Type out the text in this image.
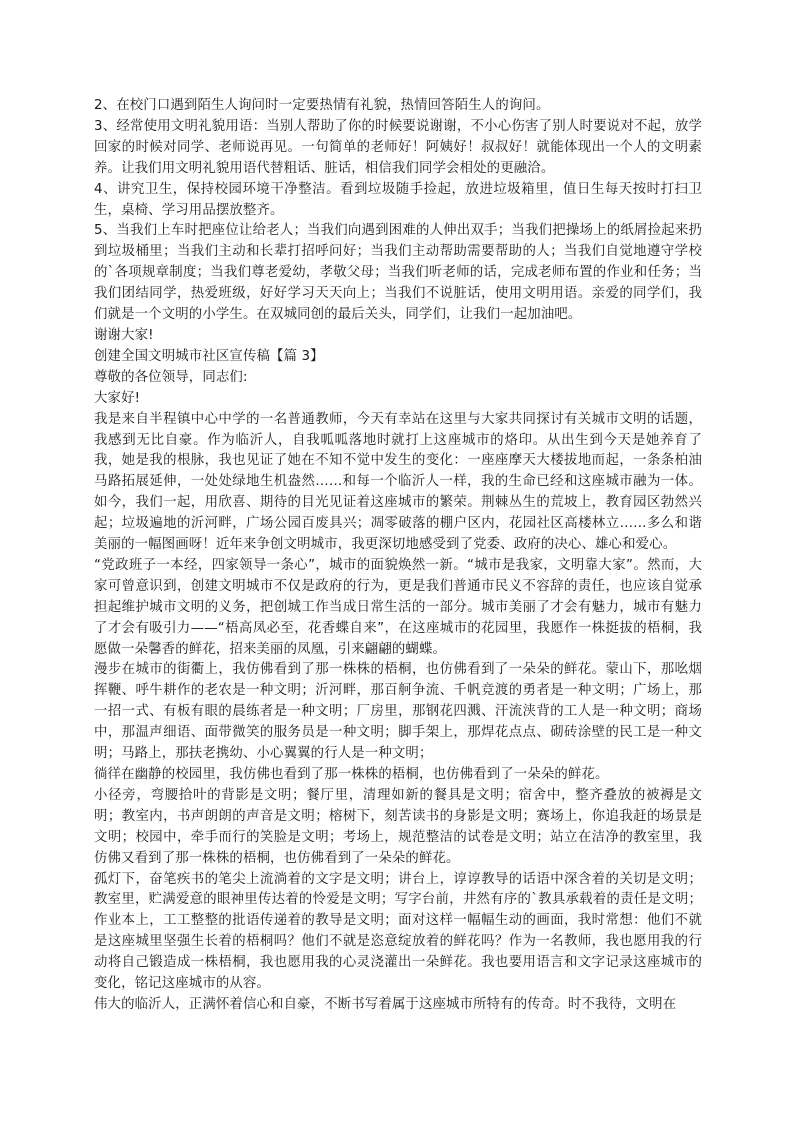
2、在校门口遇到陌生人询问时一定要热情有礼貌，热情回答陌生人的询问。

3、经常使用文明礼貌用语：当别人帮助了你的时候要说谢谢，不小心伤害了别人时要说对不起，放学回家的时候对同学、老师说再见。一句简单的老师好！阿姨好！叔叔好！就能体现出一个人的文明素养。让我们用文明礼貌用语代替粗话、脏话，相信我们同学会相处的更融洽。

4、讲究卫生，保持校园环境干净整洁。看到垃圾随手捡起，放进垃圾箱里，值日生每天按时打扫卫生，桌椅、学习用品摆放整齐。

5、当我们上车时把座位让给老人；当我们向遇到困难的人伸出双手；当我们把操场上的纸屑捡起来扔到垃圾桶里；当我们主动和长辈打招呼问好；当我们主动帮助需要帮助的人；当我们自觉地遵守学校的`各项规章制度；当我们尊老爱幼，孝敬父母；当我们听老师的话，完成老师布置的作业和任务；当我们团结同学，热爱班级，好好学习天天向上；当我们不说脏话，使用文明用语。亲爱的同学们，我们就是一个文明的小学生。在双城同创的最后关头，同学们，让我们一起加油吧。

谢谢大家!

创建全国文明城市社区宣传稿【篇 3】

尊敬的各位领导，同志们:

大家好!

我是来自半程镇中心中学的一名普通教师，今天有幸站在这里与大家共同探讨有关城市文明的话题，我感到无比自豪。作为临沂人，自我呱呱落地时就打上这座城市的烙印。从出生到今天是她养育了我，她是我的根脉，我也见证了她在不知不觉中发生的变化：一座座摩天大楼拔地而起，一条条柏油马路拓展延伸，一处处绿地生机盎然……和每一个临沂人一样，我的生命已经和这座城市融为一体。如今，我们一起，用欣喜、期待的目光见证着这座城市的繁荣。荆棘丛生的荒坡上，教育园区勃然兴起；垃圾遍地的沂河畔，广场公园百废具兴；凋零破落的棚户区内，花园社区高楼林立……多么和谐美丽的一幅图画呀！近年来争创文明城市，我更深切地感受到了党委、政府的决心、雄心和爱心。

“党政班子一本经，四家领导一条心”，城市的面貌焕然一新。“城市是我家，文明靠大家”。然而，大家可曾意识到，创建文明城市不仅是政府的行为，更是我们普通市民义不容辞的责任，也应该自觉承担起维护城市文明的义务，把创城工作当成日常生活的一部分。城市美丽了才会有魅力，城市有魅力了才会有吸引力——“梧高凤必至，花香蝶自来”，在这座城市的花园里，我愿作一株挺拔的梧桐，我愿做一朵馨香的鲜花，招来美丽的凤凰，引来翩翩的蝴蝶。

漫步在城市的街衢上，我仿佛看到了那一株株的梧桐，也仿佛看到了一朵朵的鲜花。蒙山下，那吆烟挥鞭、呼牛耕作的老农是一种文明；沂河畔，那百舸争流、千帆竞渡的勇者是一种文明；广场上，那一招一式、有板有眼的晨练者是一种文明；厂房里，那钢花四溅、汗流浃背的工人是一种文明；商场中，那温声细语、面带微笑的服务员是一种文明；脚手架上，那焊花点点、砌砖涂壁的民工是一种文明；马路上，那扶老携幼、小心翼翼的行人是一种文明；

徜徉在幽静的校园里，我仿佛也看到了那一株株的梧桐，也仿佛看到了一朵朵的鲜花。

小径旁，弯腰拾叶的背影是文明；餐厅里，清理如新的餐具是文明；宿舍中，整齐叠放的被褥是文明；教室内，书声朗朗的声音是文明；榕树下，刻苦读书的身影是文明；赛场上，你追我赶的场景是文明；校园中，牵手而行的笑脸是文明；考场上，规范整洁的试卷是文明；站立在洁净的教室里，我仿佛又看到了那一株株的梧桐，也仿佛看到了一朵朵的鲜花。

孤灯下，奋笔疾书的笔尖上流淌着的文字是文明；讲台上，谆谆教导的话语中深含着的关切是文明；教室里，贮满爱意的眼神里传达着的怜爱是文明；写字台前，井然有序的`教具承载着的责任是文明；作业本上，工工整整的批语传递着的教导是文明；面对这样一幅幅生动的画面，我时常想：他们不就是这座城里坚强生长着的梧桐吗？他们不就是恣意绽放着的鲜花吗？作为一名教师，我也愿用我的行动将自己锻造成一株梧桐，我也愿用我的心灵浇灌出一朵鲜花。我也要用语言和文字记录这座城市的变化，铭记这座城市的从容。

伟大的临沂人，正满怀着信心和自豪，不断书写着属于这座城市所特有的传奇。时不我待，文明在
